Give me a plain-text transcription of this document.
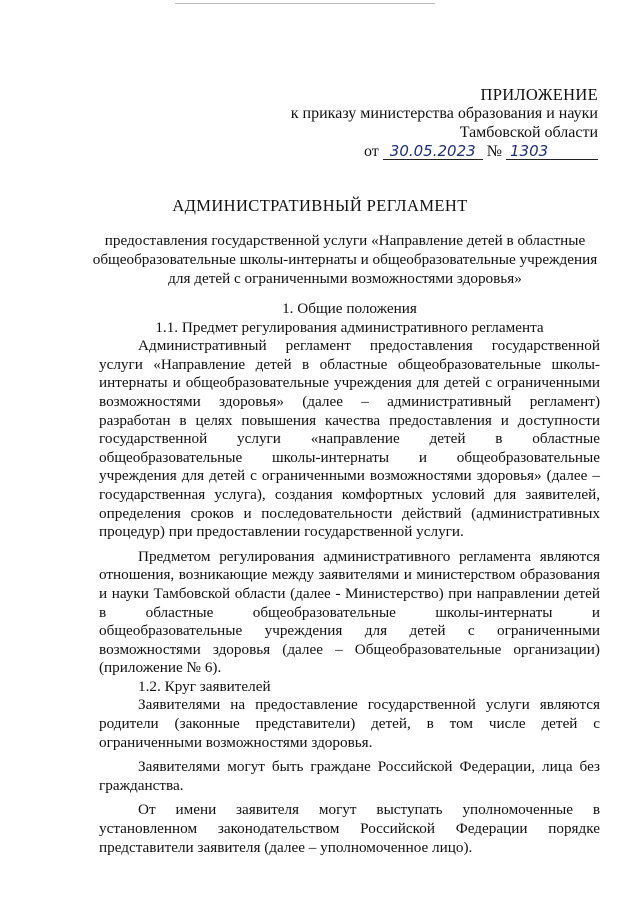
ПРИЛОЖЕНИЕ
к приказу министерства образования и науки
Тамбовской области
от 30.05.2023 № 1303
АДМИНИСТРАТИВНЫЙ РЕГЛАМЕНТ
предоставления государственной услуги «Направление детей в областные общеобразовательные школы-интернаты и общеобразовательные учреждения для детей с ограниченными возможностями здоровья»

1. Общие положения

1.1. Предмет регулирования административного регламента

Административный регламент предоставления государственной услуги «Направление детей в областные общеобразовательные школы-интернаты и общеобразовательные учреждения для детей с ограниченными возможностями здоровья» (далее – административный регламент) разработан в целях повышения качества предоставления и доступности государственной услуги «направление детей в областные общеобразовательные школы-интернаты и общеобразовательные учреждения для детей с ограниченными возможностями здоровья» (далее – государственная услуга), создания комфортных условий для заявителей, определения сроков и последовательности действий (административных процедур) при предоставлении государственной услуги.

Предметом регулирования административного регламента являются отношения, возникающие между заявителями и министерством образования и науки Тамбовской области (далее - Министерство) при направлении детей в областные общеобразовательные школы-интернаты и общеобразовательные учреждения для детей с ограниченными возможностями здоровья (далее – Общеобразовательные организации) (приложение № 6).

1.2. Круг заявителей

Заявителями на предоставление государственной услуги являются родители (законные представители) детей, в том числе детей с ограниченными возможностями здоровья.

Заявителями могут быть граждане Российской Федерации, лица без гражданства.

От имени заявителя могут выступать уполномоченные в установленном законодательством Российской Федерации порядке представители заявителя (далее – уполномоченное лицо).
